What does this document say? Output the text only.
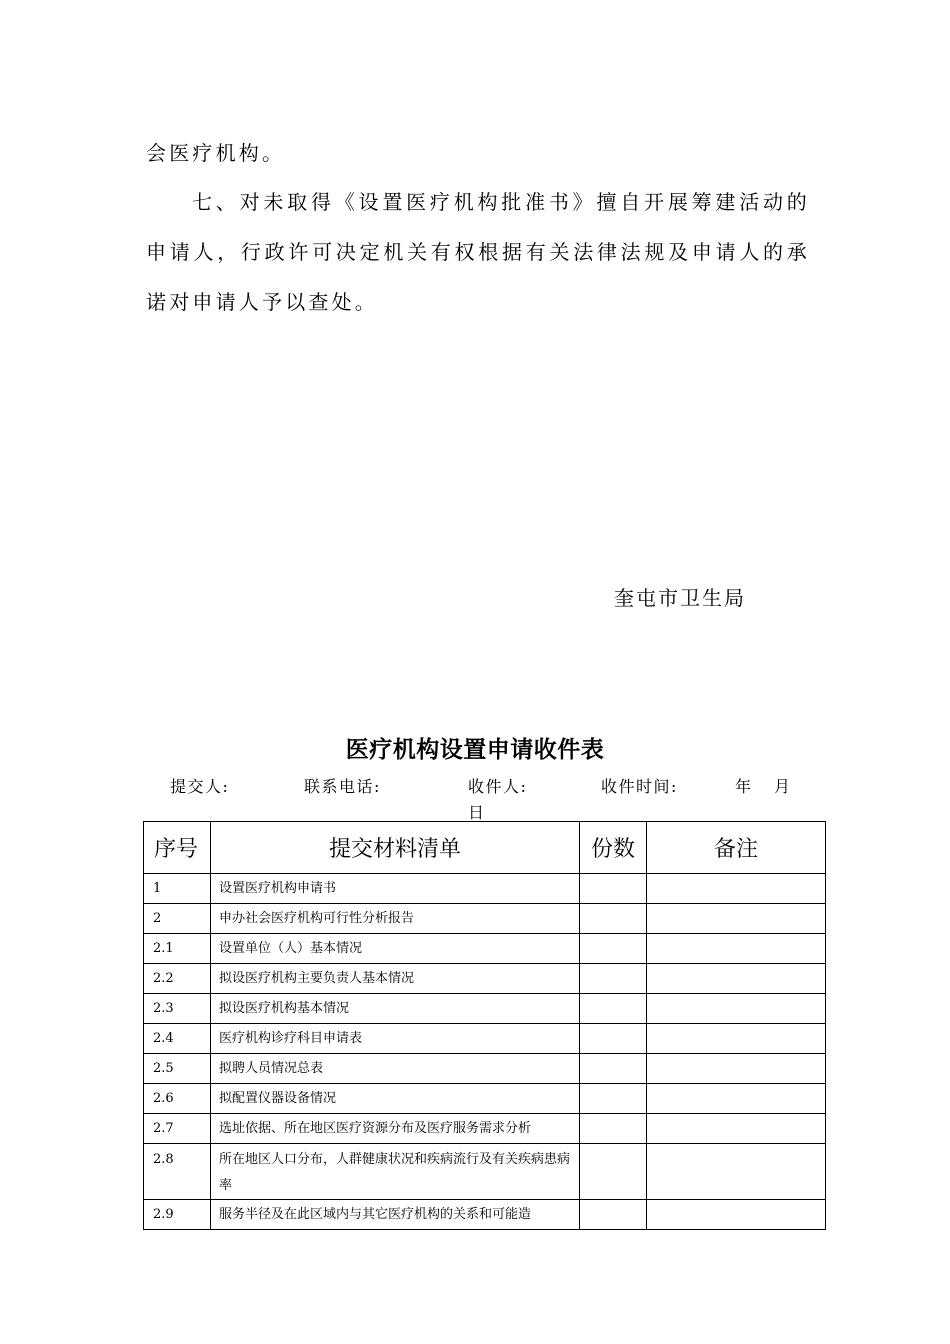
会医疗机构。

七、对未取得《设置医疗机构批准书》擅自开展筹建活动的申请人，行政许可决定机关有权根据有关法律法规及申请人的承诺对申请人予以查处。

奎屯市卫生局
医疗机构设置申请收件表
提交人:	联系电话:	收件人:	收件时间:	年 月
日
序号	提交材料清单	份数	备注
1	设置医疗机构申请书		
2	申办社会医疗机构可行性分析报告		
2.1	设置单位（人）基本情况		
2.2	拟设医疗机构主要负责人基本情况		
2.3	拟设医疗机构基本情况		
2.4	医疗机构诊疗科目申请表		
2.5	拟聘人员情况总表		
2.6	拟配置仪器设备情况		
2.7	选址依据、所在地区医疗资源分布及医疗服务需求分析		
2.8	所在地区人口分布，人群健康状况和疾病流行及有关疾病患病率		
2.9	服务半径及在此区域内与其它医疗机构的关系和可能造		
